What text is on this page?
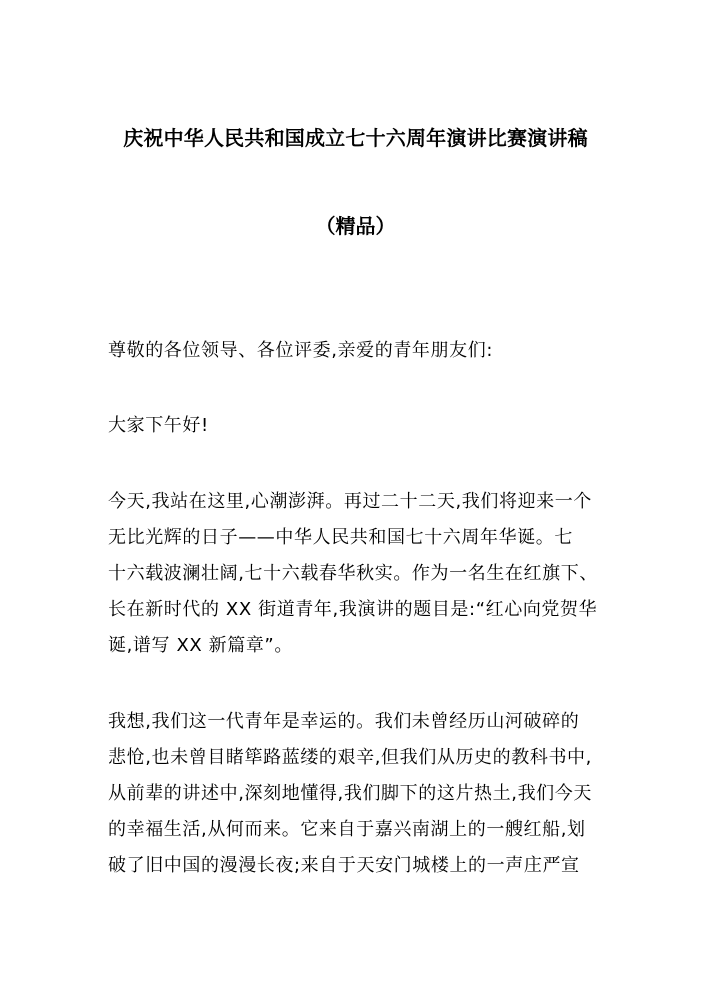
庆祝中华人民共和国成立七十六周年演讲比赛演讲稿
（精品）

尊敬的各位领导、各位评委,亲爱的青年朋友们:

大家下午好!

今天,我站在这里,心潮澎湃。再过二十二天,我们将迎来一个
无比光辉的日子——中华人民共和国七十六周年华诞。七
十六载波澜壮阔,七十六载春华秋实。作为一名生在红旗下、
长在新时代的 XX 街道青年,我演讲的题目是:“红心向党贺华
诞,谱写 XX 新篇章”。

我想,我们这一代青年是幸运的。我们未曾经历山河破碎的
悲怆,也未曾目睹筚路蓝缕的艰辛,但我们从历史的教科书中,
从前辈的讲述中,深刻地懂得,我们脚下的这片热土,我们今天
的幸福生活,从何而来。它来自于嘉兴南湖上的一艘红船,划
破了旧中国的漫漫长夜;来自于天安门城楼上的一声庄严宣
